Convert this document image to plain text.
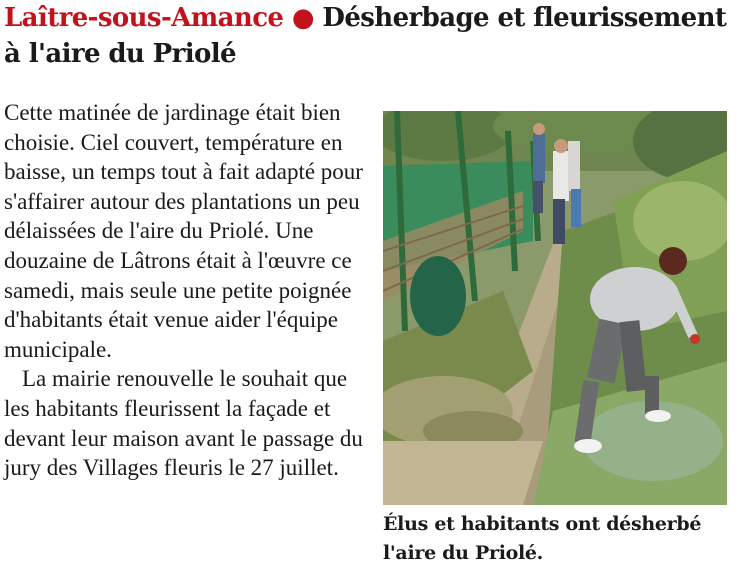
Laître-sous-Amance ● Désherbage et fleurissement à l'aire du Priolé

Cette matinée de jardinage était bien choisie. Ciel couvert, température en baisse, un temps tout à fait adapté pour s'affairer autour des plantations un peu délaissées de l'aire du Priolé. Une douzaine de Lâtrons était à l'œuvre ce samedi, mais seule une petite poignée d'habitants était venue aider l'équipe municipale.

La mairie renouvelle le souhait que les habitants fleurissent la façade et devant leur maison avant le passage du jury des Villages fleuris le 27 juillet.

Élus et habitants ont désherbé l'aire du Priolé.
